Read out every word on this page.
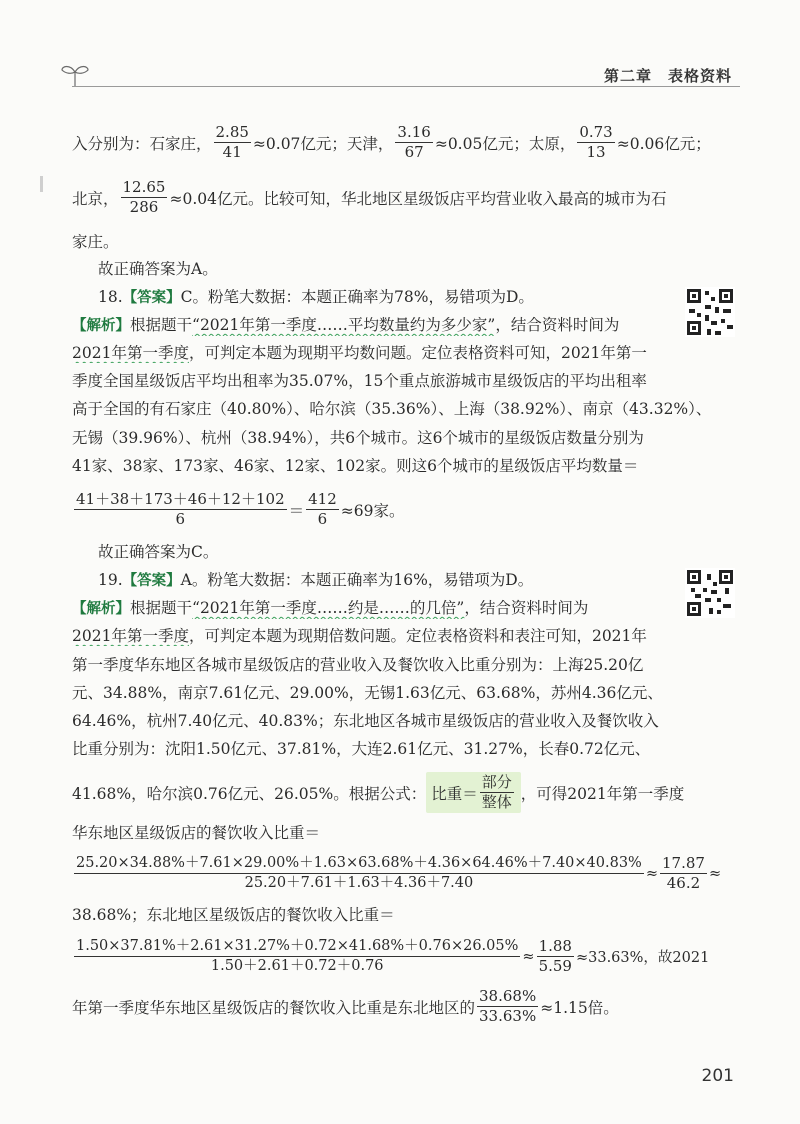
第二章 表格资料
入分别为：石家庄， $\frac{2.85}{41} \approx 0.07$亿元；天津， $\frac{3.16}{67} \approx 0.05$亿元；太原， $\frac{0.73}{13} \approx 0.06$亿元；
北京， $\frac{12.65}{286} \approx 0.04$亿元。比较可知，华北地区星级饭店平均营业收入最高的城市为石
家庄。
故正确答案为A。
18.【答案】C。粉笔大数据：本题正确率为78%，易错项为D。
【解析】根据题干“2021年第一季度……平均数量约为多少家”，结合资料时间为
2021年第一季度，可判定本题为现期平均数问题。定位表格资料可知，2021年第一
季度全国星级饭店平均出租率为35.07%，15个重点旅游城市星级饭店的平均出租率
高于全国的有石家庄（40.80%）、哈尔滨（35.36%）、上海（38.92%）、南京（43.32%）、
无锡（39.96%）、杭州（38.94%），共6个城市。这6个城市的星级饭店数量分别为
41家、38家、173家、46家、12家、102家。则这6个城市的星级饭店平均数量＝
$\frac{41+38+173+46+12+102}{6} = \frac{412}{6} \approx 69$家。
故正确答案为C。
19.【答案】A。粉笔大数据：本题正确率为16%，易错项为D。
【解析】根据题干“2021年第一季度……约是……的几倍”，结合资料时间为
2021年第一季度，可判定本题为现期倍数问题。定位表格资料和表注可知，2021年
第一季度华东地区各城市星级饭店的营业收入及餐饮收入比重分别为：上海25.20亿
元、34.88%，南京7.61亿元、29.00%，无锡1.63亿元、63.68%，苏州4.36亿元、
64.46%，杭州7.40亿元、40.83%；东北地区各城市星级饭店的营业收入及餐饮收入
比重分别为：沈阳1.50亿元、37.81%，大连2.61亿元、31.27%，长春0.72亿元、
41.68%，哈尔滨0.76亿元、26.05%。根据公式： 比重＝ $\frac{\text{部分}}{\text{整体}}$ ，可得2021年第一季度
华东地区星级饭店的餐饮收入比重＝
$\frac{25.20\times 34.88\%+7.61\times 29.00\%+1.63\times 63.68\%+4.36\times 64.46\%+7.40\times 40.83\%}{25.20+7.61+1.63+4.36+7.40} \approx \frac{17.87}{46.2}$ ≈
38.68%；东北地区星级饭店的餐饮收入比重＝
$\frac{1.50\times 37.81\%+2.61\times 31.27\%+0.72\times 41.68\%+0.76\times 26.05\%}{1.50+2.61+0.72+0.76} \approx \frac{1.88}{5.59} \approx 33.63\%$，故2021
年第一季度华东地区星级饭店的餐饮收入比重是东北地区的 $\frac{38.68\%}{33.63\%} \approx 1.15$倍。
201
